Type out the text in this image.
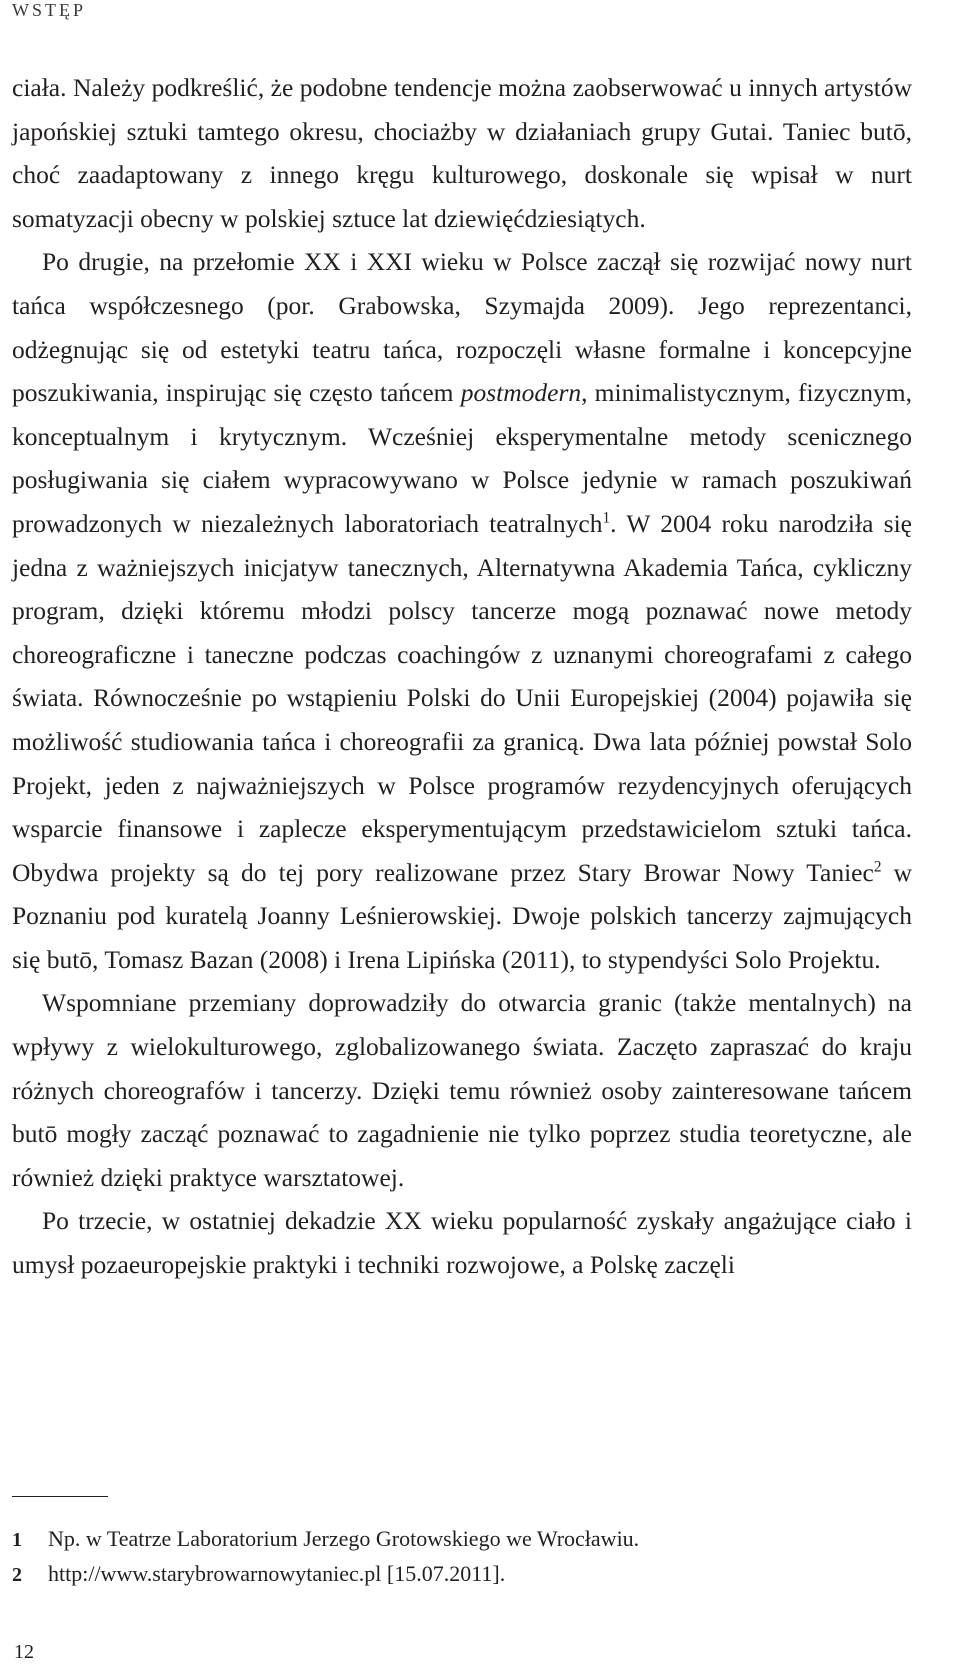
WSTĘP

ciała. Należy podkreślić, że podobne tendencje można zaobserwować u innych artystów japońskiej sztuki tamtego okresu, chociażby w działaniach grupy Gutai. Taniec butō, choć zaadaptowany z innego kręgu kulturowego, doskonale się wpisał w nurt somatyzacji obecny w polskiej sztuce lat dziewięćdziesiątych.

Po drugie, na przełomie XX i XXI wieku w Polsce zaczął się rozwijać nowy nurt tańca współczesnego (por. Grabowska, Szymajda 2009). Jego reprezentanci, odżegnując się od estetyki teatru tańca, rozpoczęli własne formalne i koncepcyjne poszukiwania, inspirując się często tańcem postmodern, minimalistycznym, fizycznym, konceptualnym i krytycznym. Wcześniej eksperymentalne metody scenicznego posługiwania się ciałem wypracowywano w Polsce jedynie w ramach poszukiwań prowadzonych w niezależnych laboratoriach teatralnych$^1$. W 2004 roku narodziła się jedna z ważniejszych inicjatyw tanecznych, Alternatywna Akademia Tańca, cykliczny program, dzięki któremu młodzi polscy tancerze mogą poznawać nowe metody choreograficzne i taneczne podczas coachingów z uznanymi choreografami z całego świata. Równocześnie po wstąpieniu Polski do Unii Europejskiej (2004) pojawiła się możliwość studiowania tańca i choreografii za granicą. Dwa lata później powstał Solo Projekt, jeden z najważniejszych w Polsce programów rezydencyjnych oferujących wsparcie finansowe i zaplecze eksperymentującym przedstawicielom sztuki tańca. Obydwa projekty są do tej pory realizowane przez Stary Browar Nowy Taniec$^2$ w Poznaniu pod kuratelą Joanny Leśnierowskiej. Dwoje polskich tancerzy zajmujących się butō, Tomasz Bazan (2008) i Irena Lipińska (2011), to stypendyści Solo Projektu.

Wspomniane przemiany doprowadziły do otwarcia granic (także mentalnych) na wpływy z wielokulturowego, zglobalizowanego świata. Zaczęto zapraszać do kraju różnych choreografów i tancerzy. Dzięki temu również osoby zainteresowane tańcem butō mogły zacząć poznawać to zagadnienie nie tylko poprzez studia teoretyczne, ale również dzięki praktyce warsztatowej.

Po trzecie, w ostatniej dekadzie XX wieku popularność zyskały angażujące ciało i umysł pozaeuropejskie praktyki i techniki rozwojowe, a Polskę zaczęli

1	Np. w Teatrze Laboratorium Jerzego Grotowskiego we Wrocławiu.
2	http://www.starybrowarnowytaniec.pl [15.07.2011].
12
